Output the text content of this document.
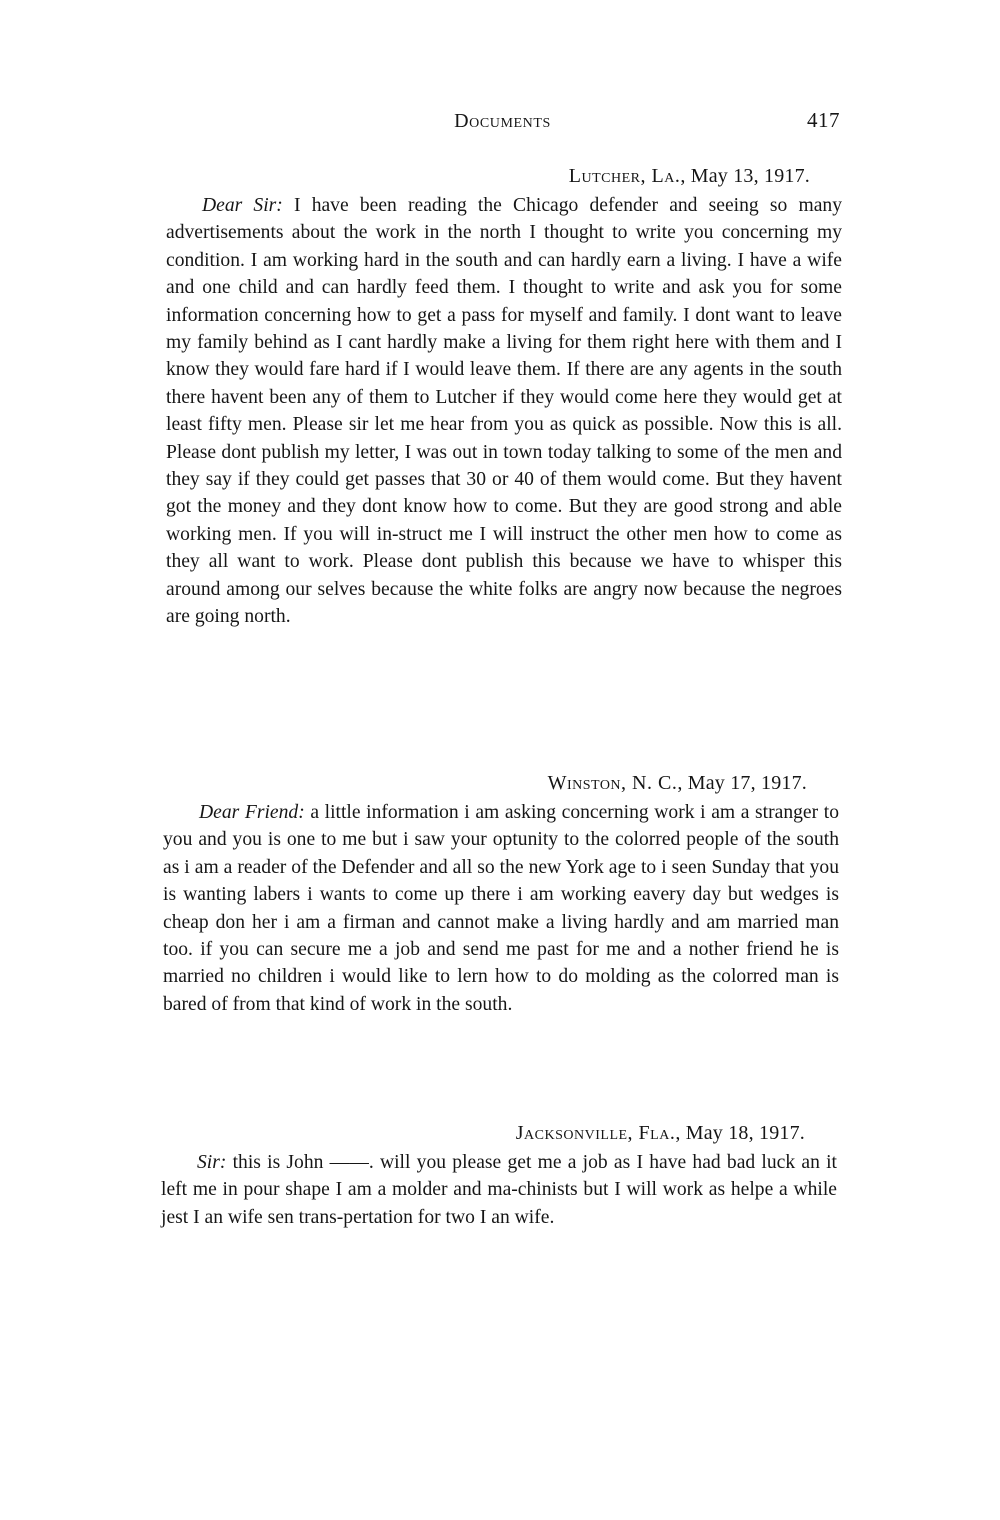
Documents	417
Lutcher, La., May 13, 1917.

Dear Sir: I have been reading the Chicago defender and seeing so many advertisements about the work in the north I thought to write you concerning my condition. I am working hard in the south and can hardly earn a living. I have a wife and one child and can hardly feed them. I thought to write and ask you for some information concerning how to get a pass for myself and family. I dont want to leave my family behind as I cant hardly make a living for them right here with them and I know they would fare hard if I would leave them. If there are any agents in the south there havent been any of them to Lutcher if they would come here they would get at least fifty men. Please sir let me hear from you as quick as possible. Now this is all. Please dont publish my letter, I was out in town today talking to some of the men and they say if they could get passes that 30 or 40 of them would come. But they havent got the money and they dont know how to come. But they are good strong and able working men. If you will in-struct me I will instruct the other men how to come as they all want to work. Please dont publish this because we have to whisper this around among our selves because the white folks are angry now because the negroes are going north.

Winston, N. C., May 17, 1917.

Dear Friend: a little information i am asking concerning work i am a stranger to you and you is one to me but i saw your optunity to the colorred people of the south as i am a reader of the Defender and all so the new York age to i seen Sunday that you is wanting labers i wants to come up there i am working eavery day but wedges is cheap don her i am a firman and cannot make a living hardly and am married man too. if you can secure me a job and send me past for me and a nother friend he is married no children i would like to lern how to do molding as the colorred man is bared of from that kind of work in the south.

Jacksonville, Fla., May 18, 1917.

Sir: this is John ——. will you please get me a job as I have had bad luck an it left me in pour shape I am a molder and ma-chinists but I will work as helpe a while jest I an wife sen trans-pertation for two I an wife.
